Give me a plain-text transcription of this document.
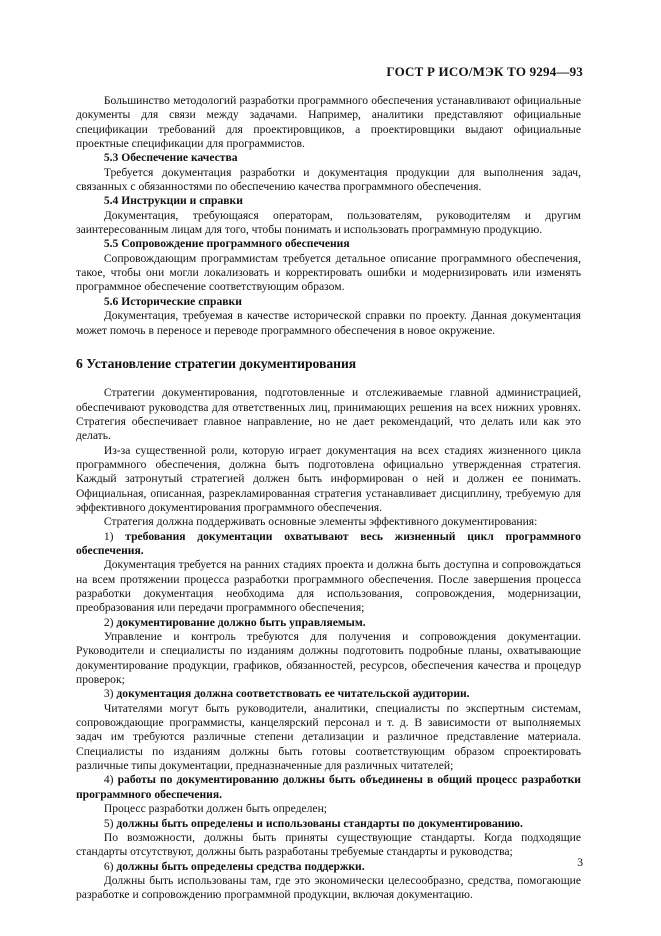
ГОСТ Р ИСО/МЭК ТО 9294—93

Большинство методологий разработки программного обеспечения устанавливают официальные документы для связи между задачами. Например, аналитики представляют официальные спецификации требований для проектировщиков, а проектировщики выдают официальные проектные спецификации для программистов.

5.3 Обеспечение качества

Требуется документация разработки и документация продукции для выполнения задач, связанных с обязанностями по обеспечению качества программного обеспечения.

5.4 Инструкции и справки

Документация, требующаяся операторам, пользователям, руководителям и другим заинтересованным лицам для того, чтобы понимать и использовать программную продукцию.

5.5 Сопровождение программного обеспечения

Сопровождающим программистам требуется детальное описание программного обеспечения, такое, чтобы они могли локализовать и корректировать ошибки и модернизировать или изменять программное обеспечение соответствующим образом.

5.6 Исторические справки

Документация, требуемая в качестве исторической справки по проекту. Данная документация может помочь в переносе и переводе программного обеспечения в новое окружение.

6 Установление стратегии документирования

Стратегии документирования, подготовленные и отслеживаемые главной администрацией, обеспечивают руководства для ответственных лиц, принимающих решения на всех нижних уровнях. Стратегия обеспечивает главное направление, но не дает рекомендаций, что делать или как это делать.

Из-за существенной роли, которую играет документация на всех стадиях жизненного цикла программного обеспечения, должна быть подготовлена официально утвержденная стратегия. Каждый затронутый стратегией должен быть информирован о ней и должен ее понимать. Официальная, описанная, разрекламированная стратегия устанавливает дисциплину, требуемую для эффективного документирования программного обеспечения.

Стратегия должна поддерживать основные элементы эффективного документирования:

1) требования документации охватывают весь жизненный цикл программного обеспечения.

Документация требуется на ранних стадиях проекта и должна быть доступна и сопровождаться на всем протяжении процесса разработки программного обеспечения. После завершения процесса разработки документация необходима для использования, сопровождения, модернизации, преобразования или передачи программного обеспечения;

2) документирование должно быть управляемым.

Управление и контроль требуются для получения и сопровождения документации. Руководители и специалисты по изданиям должны подготовить подробные планы, охватывающие документирование продукции, графиков, обязанностей, ресурсов, обеспечения качества и процедур проверок;

3) документация должна соответствовать ее читательской аудитории.

Читателями могут быть руководители, аналитики, специалисты по экспертным системам, сопровождающие программисты, канцелярский персонал и т. д. В зависимости от выполняемых задач им требуются различные степени детализации и различное представление материала. Специалисты по изданиям должны быть готовы соответствующим образом спроектировать различные типы документации, предназначенные для различных читателей;

4) работы по документированию должны быть объединены в общий процесс разработки программного обеспечения.

Процесс разработки должен быть определен;

5) должны быть определены и использованы стандарты по документированию.

По возможности, должны быть приняты существующие стандарты. Когда подходящие стандарты отсутствуют, должны быть разработаны требуемые стандарты и руководства;

6) должны быть определены средства поддержки.

Должны быть использованы там, где это экономически целесообразно, средства, помогающие разработке и сопровождению программной продукции, включая документацию.

3
